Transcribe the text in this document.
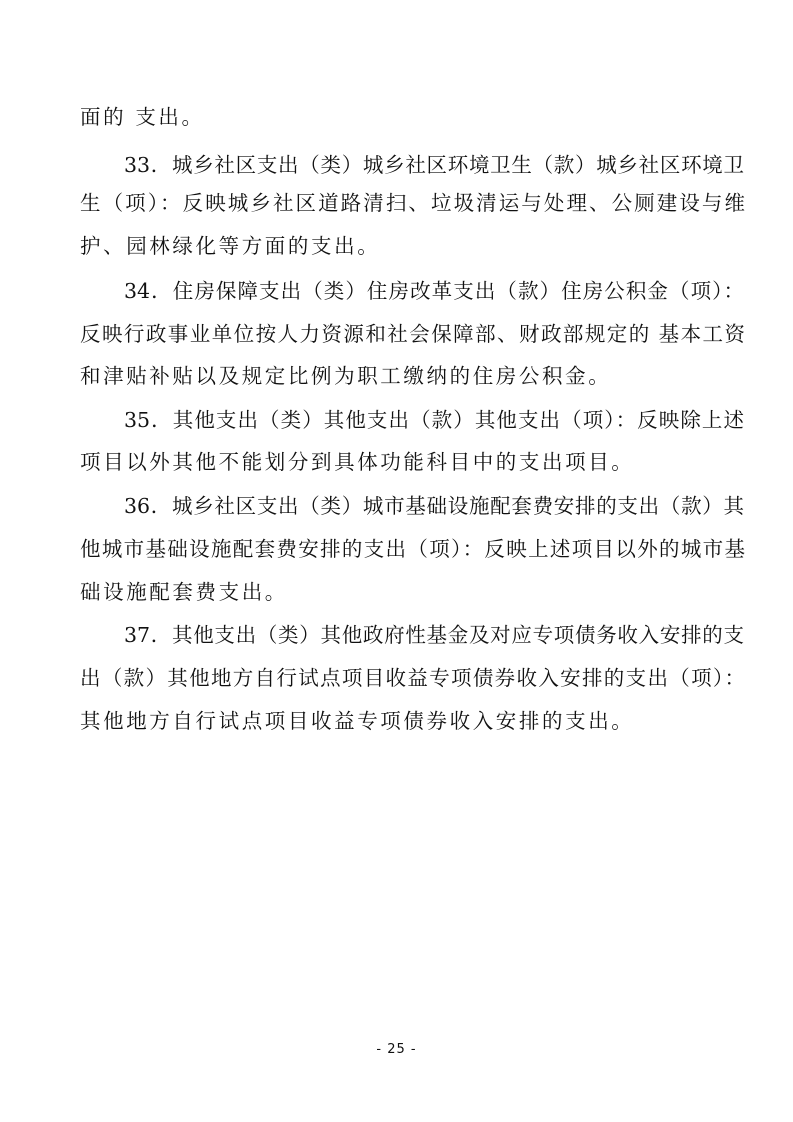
面的 支出。
33．城乡社区支出（类）城乡社区环境卫生（款）城乡社区环境卫
生（项）：反映城乡社区道路清扫、垃圾清运与处理、公厕建设与维
护、园林绿化等方面的支出。
34．住房保障支出（类）住房改革支出（款）住房公积金（项）：
反映行政事业单位按人力资源和社会保障部、财政部规定的 基本工资
和津贴补贴以及规定比例为职工缴纳的住房公积金。
35．其他支出（类）其他支出（款）其他支出（项）：反映除上述
项目以外其他不能划分到具体功能科目中的支出项目。
36．城乡社区支出（类）城市基础设施配套费安排的支出（款）其
他城市基础设施配套费安排的支出（项）：反映上述项目以外的城市基
础设施配套费支出。
37．其他支出（类）其他政府性基金及对应专项债务收入安排的支
出（款）其他地方自行试点项目收益专项债券收入安排的支出（项）：
其他地方自行试点项目收益专项债券收入安排的支出。
- 25 -
